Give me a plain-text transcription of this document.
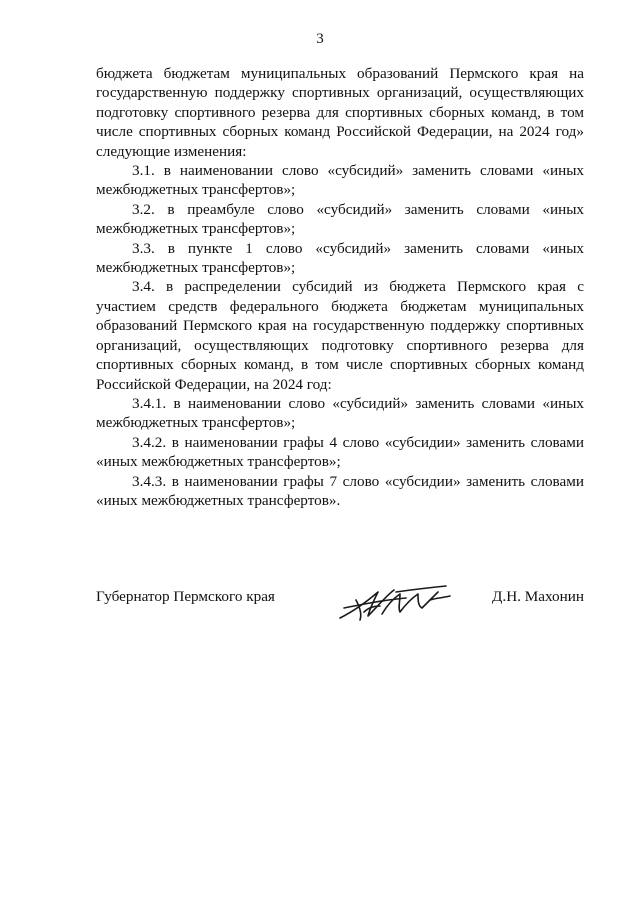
3

бюджета бюджетам муниципальных образований Пермского края на государственную поддержку спортивных организаций, осуществляющих подготовку спортивного резерва для спортивных сборных команд, в том числе спортивных сборных команд Российской Федерации, на 2024 год» следующие изменения:

3.1. в наименовании слово «субсидий» заменить словами «иных межбюджетных трансфертов»;

3.2. в преамбуле слово «субсидий» заменить словами «иных межбюджетных трансфертов»;

3.3. в пункте 1 слово «субсидий» заменить словами «иных межбюджетных трансфертов»;

3.4. в распределении субсидий из бюджета Пермского края с участием средств федерального бюджета бюджетам муниципальных образований Пермского края на государственную поддержку спортивных организаций, осуществляющих подготовку спортивного резерва для спортивных сборных команд, в том числе спортивных сборных команд Российской Федерации, на 2024 год:

3.4.1. в наименовании слово «субсидий» заменить словами «иных межбюджетных трансфертов»;

3.4.2. в наименовании графы 4 слово «субсидии» заменить словами «иных межбюджетных трансфертов»;

3.4.3. в наименовании графы 7 слово «субсидии» заменить словами «иных межбюджетных трансфертов».

Губернатор Пермского края	Д.Н. Махонин
